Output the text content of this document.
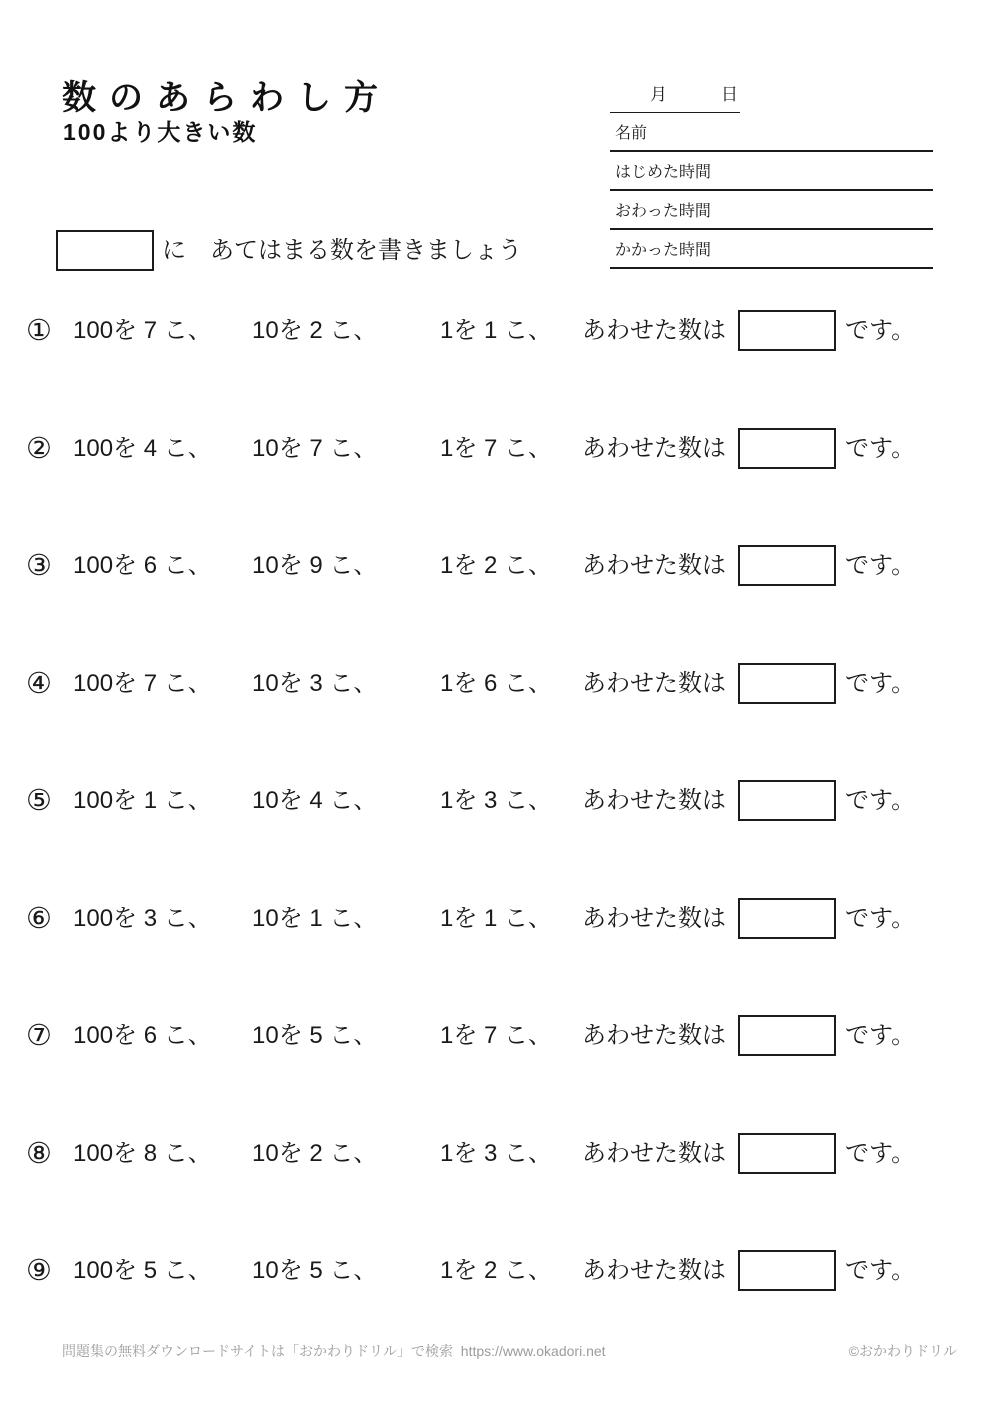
数のあらわし方
100より大きい数
月	日
名前
はじめた時間
おわった時間
かかった時間
に　あてはまる数を書きましょう
① 100を 7 こ、 10を 2 こ、	1を 1 こ、 あわせた数は	です。
② 100を 4 こ、 10を 7 こ、	1を 7 こ、 あわせた数は	です。
③ 100を 6 こ、 10を 9 こ、	1を 2 こ、 あわせた数は	です。
④ 100を 7 こ、 10を 3 こ、	1を 6 こ、 あわせた数は	です。
⑤ 100を 1 こ、 10を 4 こ、	1を 3 こ、 あわせた数は	です。
⑥ 100を 3 こ、 10を 1 こ、	1を 1 こ、 あわせた数は	です。
⑦ 100を 6 こ、 10を 5 こ、	1を 7 こ、 あわせた数は	です。
⑧ 100を 8 こ、 10を 2 こ、	1を 3 こ、 あわせた数は	です。
⑨ 100を 5 こ、 10を 5 こ、	1を 2 こ、 あわせた数は	です。
問題集の無料ダウンロードサイトは「おかわりドリル」で検索  https://www.okadori.net	©おかわりドリル
